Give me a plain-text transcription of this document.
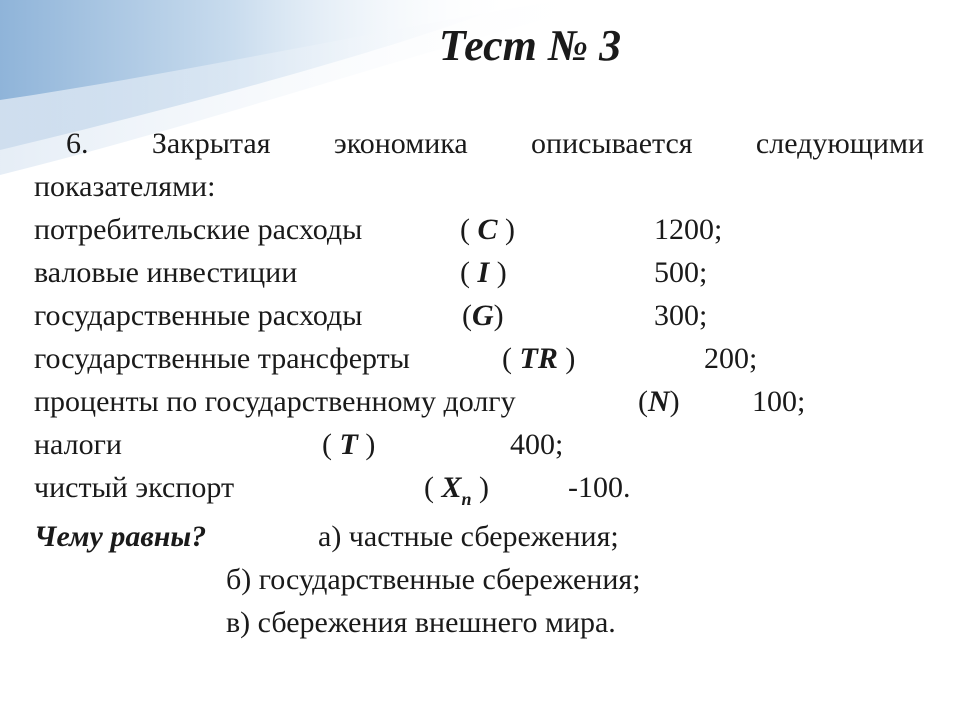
Тест № 3
6. Закрытая экономика описывается следующими
показателями:
потребительские расходы	( C )	1200;
валовые инвестиции	( I )	500;
государственные расходы	(G)	300;
государственные трансферты	( TR )	200;
проценты по государственному долгу	(N) 100;
налоги	( T )	400;
чистый экспорт	( $X_n$ )	-100.
Чему равны?	а) частные сбережения;
б) государственные сбережения;
в) сбережения внешнего мира.
